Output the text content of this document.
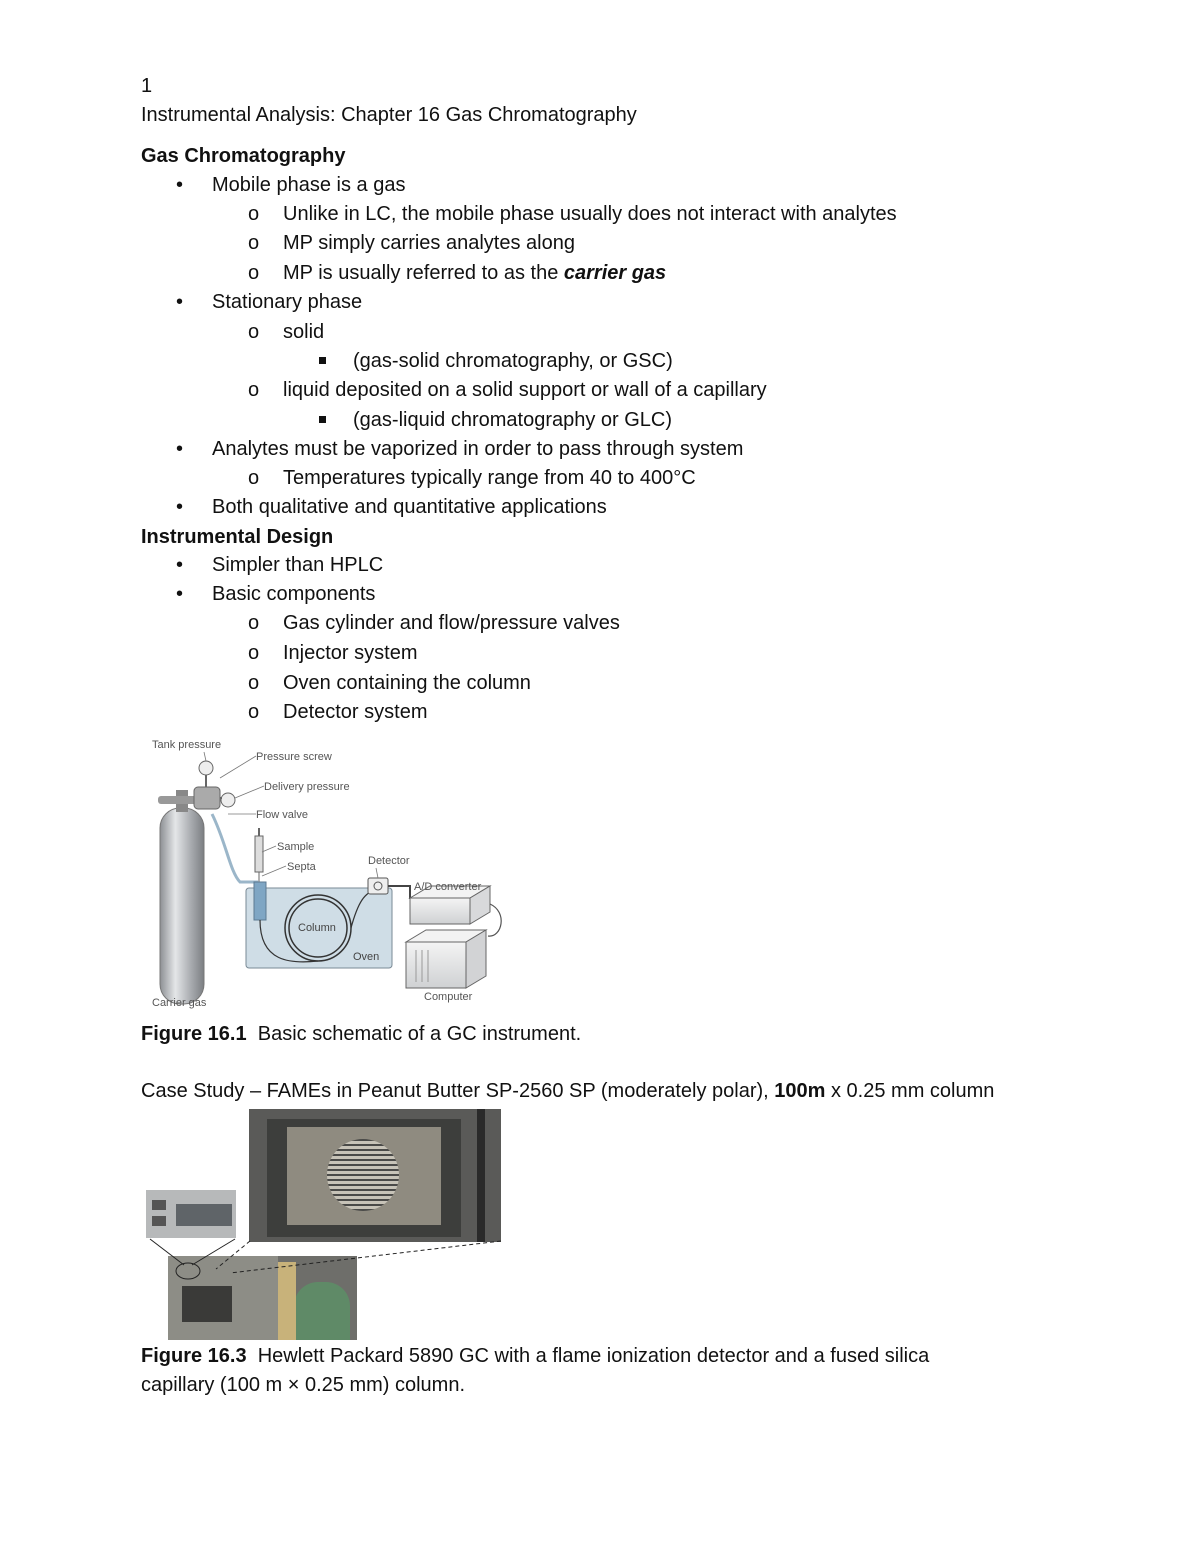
1
Instrumental Analysis: Chapter 16 Gas Chromatography
Gas Chromatography
• Mobile phase is a gas
o Unlike in LC, the mobile phase usually does not interact with analytes
o MP simply carries analytes along
o MP is usually referred to as the carrier gas
• Stationary phase
o solid
(gas-solid chromatography, or GSC)
o liquid deposited on a solid support or wall of a capillary
(gas-liquid chromatography or GLC)
• Analytes must be vaporized in order to pass through system
o Temperatures typically range from 40 to 400°C
• Both qualitative and quantitative applications
Instrumental Design
• Simpler than HPLC
• Basic components
o Gas cylinder and flow/pressure valves
o Injector system
o Oven containing the column
o Detector system
Tank pressure
Pressure screw
Delivery pressure
Flow valve
Sample
Septa	Detector
A/D converter
Column
Oven
Carrier gas	Computer
Figure 16.1 Basic schematic of a GC instrument.
Case Study – FAMEs in Peanut Butter SP-2560 SP (moderately polar), 100m x 0.25 mm column
Figure 16.3 Hewlett Packard 5890 GC with a flame ionization detector and a fused silica
capillary (100 m × 0.25 mm) column.
